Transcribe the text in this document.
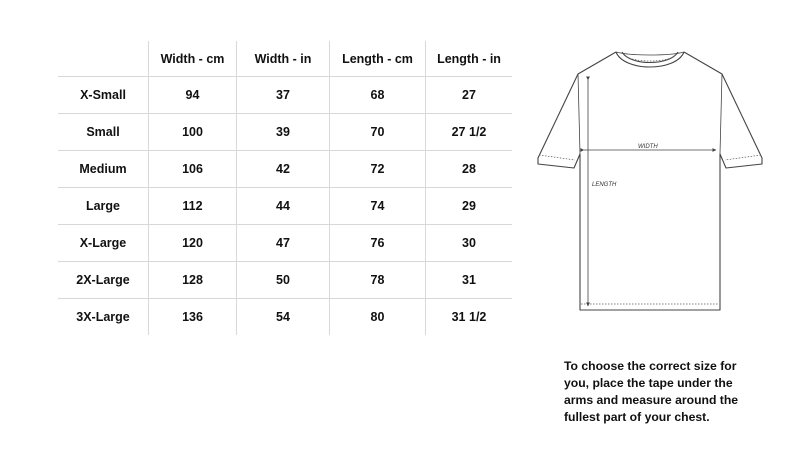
	Width - cm	Width - in	Length - cm	Length - in
X-Small	94	37	68	27
Small	100	39	70	27 1/2
Medium	106	42	72	28
Large	112	44	74	29
X-Large	120	47	76	30
2X-Large	128	50	78	31
3X-Large	136	54	80	31 1/2
WIDTH
LENGTH

To choose the correct size for you, place the tape under the arms and measure around the fullest part of your chest.
